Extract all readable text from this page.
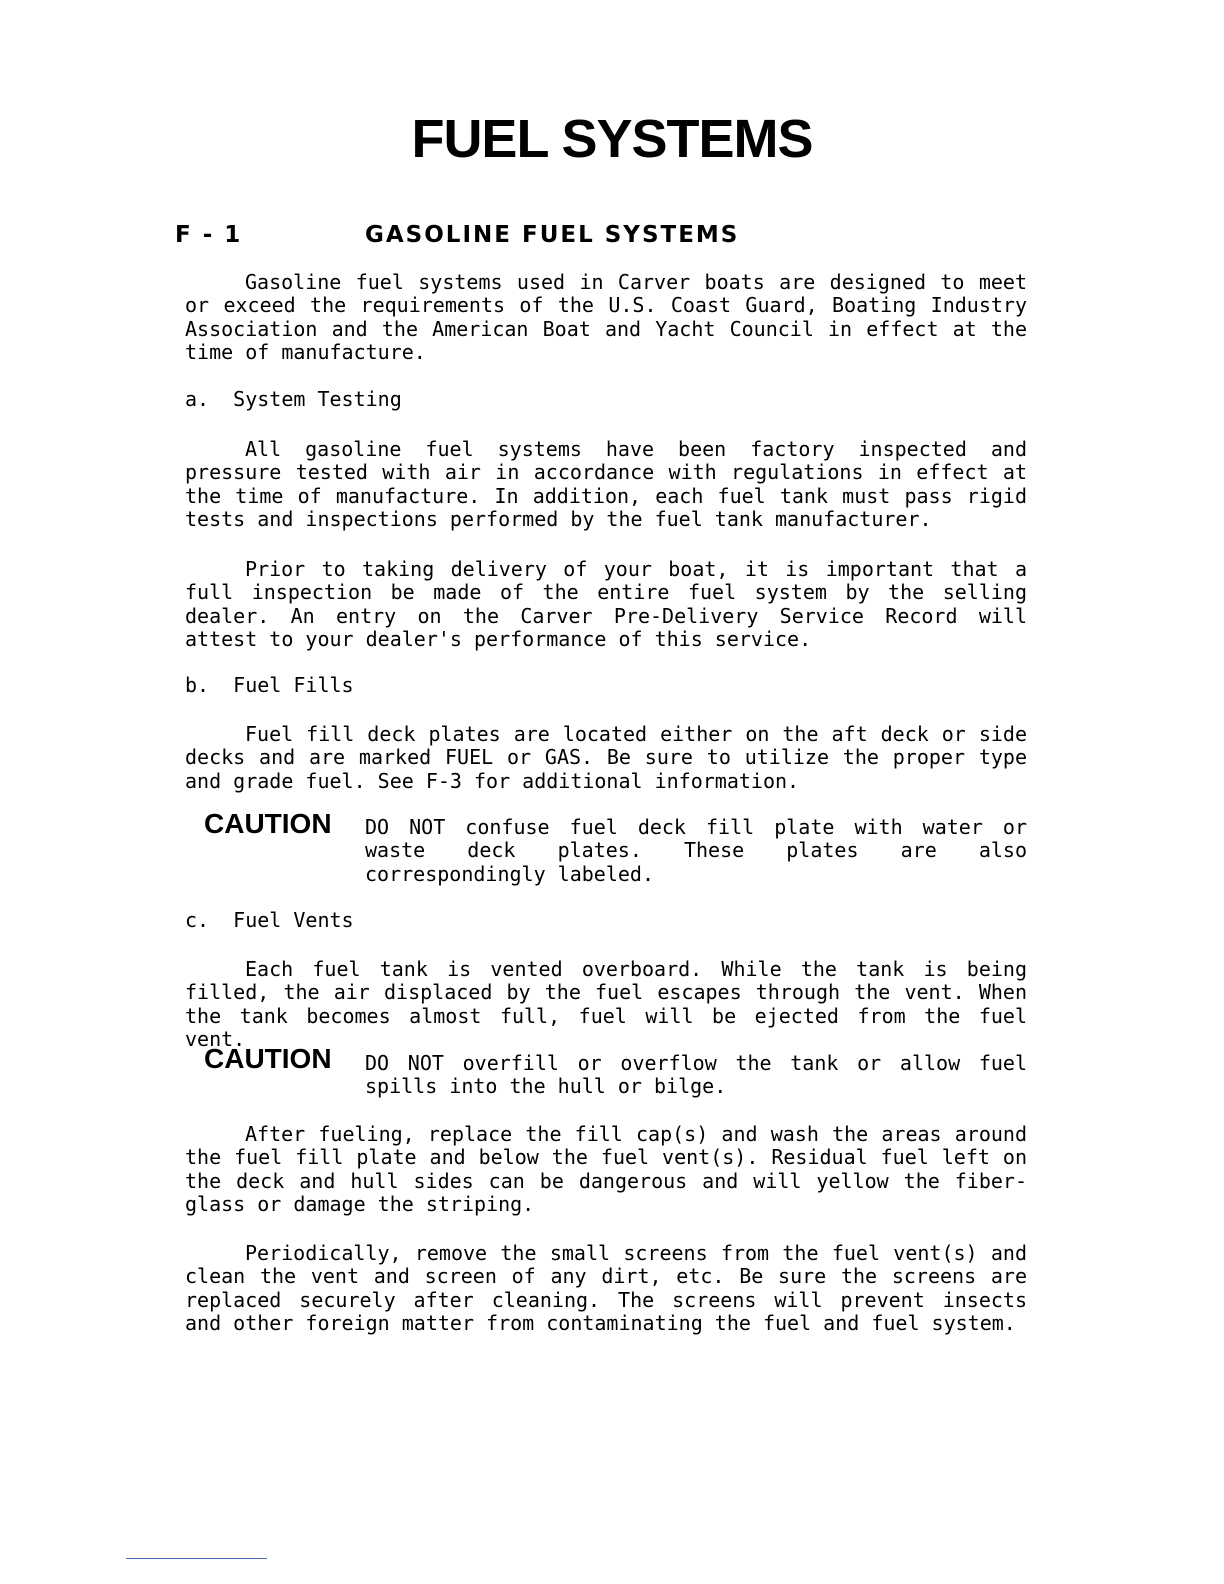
FUEL SYSTEMS
F - 1	GASOLINE FUEL SYSTEMS

Gasoline fuel systems used in Carver boats are designed to meet or exceed the requirements of the U.S. Coast Guard, Boating Industry Association and the American Boat and Yacht Council in effect at the time of manufacture.

a.  System Testing

All gasoline fuel systems have been factory inspected and pressure tested with air in accordance with regulations in effect at the time of manufacture. In addition, each fuel tank must pass rigid tests and inspections performed by the fuel tank manufacturer.

Prior to taking delivery of your boat, it is important that a full inspection be made of the entire fuel system by the selling dealer. An entry on the Carver Pre-Delivery Service Record will attest to your dealer's performance of this service.

b.  Fuel Fills

Fuel fill deck plates are located either on the aft deck or side decks and are marked FUEL or GAS. Be sure to utilize the proper type and grade fuel. See F-3 for additional information.

CAUTION DO NOT confuse fuel deck fill plate with water or waste deck plates. These plates are also correspondingly labeled.

c.  Fuel Vents

Each fuel tank is vented overboard. While the tank is being filled, the air displaced by the fuel escapes through the vent. When the tank becomes almost full, fuel will be ejected from the fuel vent.

CAUTION DO NOT overfill or overflow the tank or allow fuel spills into the hull or bilge.

After fueling, replace the fill cap(s) and wash the areas around the fuel fill plate and below the fuel vent(s). Residual fuel left on the deck and hull sides can be dangerous and will yellow the fiber-glass or damage the striping.

Periodically, remove the small screens from the fuel vent(s) and clean the vent and screen of any dirt, etc. Be sure the screens are replaced securely after cleaning. The screens will prevent insects and other foreign matter from contaminating the fuel and fuel system.
